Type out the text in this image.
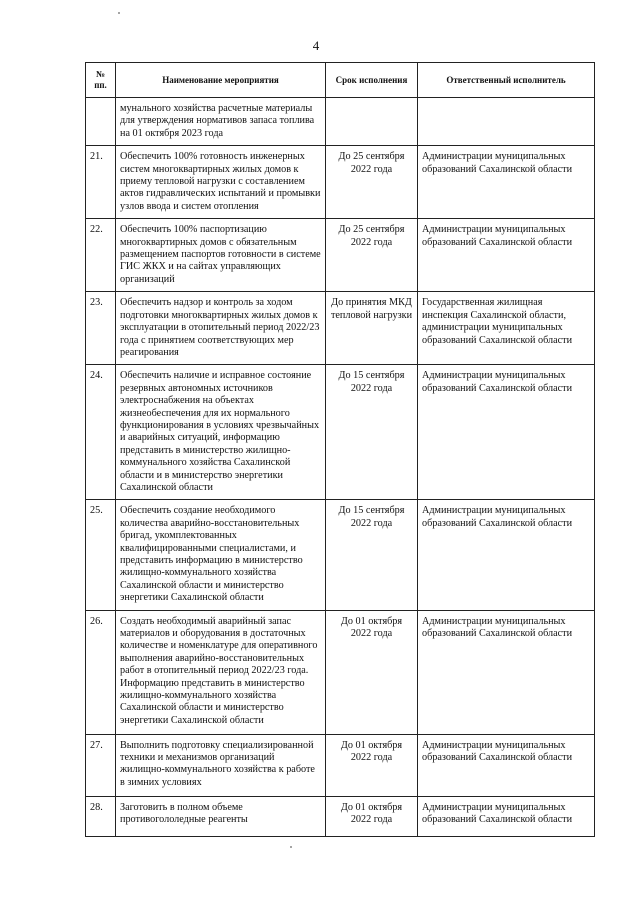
4
№
пп.	Наименование мероприятия	Срок исполнения	Ответственный исполнитель
	мунального хозяйства расчетные материалы для утверждения нормативов запаса топлива на 01 октября 2023 года		
21.	Обеспечить 100% готовность инженерных систем многоквартирных жилых домов к приему тепловой нагрузки с составлением актов гидравлических испытаний и промывки узлов ввода и систем отопления	До 25 сентября 2022 года	Администрации муниципальных образований Сахалинской области
22.	Обеспечить 100% паспортизацию многоквартирных домов с обязательным размещением паспортов готовности в системе ГИС ЖКХ и на сайтах управляющих организаций	До 25 сентября 2022 года	Администрации муниципальных образований Сахалинской области
23.	Обеспечить надзор и контроль за ходом подготовки многоквартирных жилых домов к эксплуатации в отопительный период 2022/23 года с принятием соответствующих мер реагирования	До принятия МКД тепловой нагрузки	Государственная жилищная инспекция Сахалинской области, администрации муниципальных образований Сахалинской области
24.	Обеспечить наличие и исправное состояние резервных автономных источников электроснабжения на объектах жизнеобеспечения для их нормального функционирования в условиях чрезвычайных и аварийных ситуаций, информацию представить в министерство жилищно-коммунального хозяйства Сахалинской области и в министерство энергетики Сахалинской области	До 15 сентября 2022 года	Администрации муниципальных образований Сахалинской области
25.	Обеспечить создание необходимого количества аварийно-восстановительных бригад, укомплектованных квалифицированными специалистами, и представить информацию в министерство жилищно-коммунального хозяйства Сахалинской области и министерство энергетики Сахалинской области	До 15 сентября 2022 года	Администрации муниципальных образований Сахалинской области
26.	Создать необходимый аварийный запас материалов и оборудования в достаточных количестве и номенклатуре для оперативного выполнения аварийно-восстановительных работ в отопительный период 2022/23 года. Информацию представить в министерство жилищно-коммунального хозяйства Сахалинской области и министерство энергетики Сахалинской области	До 01 октября 2022 года	Администрации муниципальных образований Сахалинской области
27.	Выполнить подготовку специализированной техники и механизмов организаций жилищно-коммунального хозяйства к работе в зимних условиях	До 01 октября 2022 года	Администрации муниципальных образований Сахалинской области
28.	Заготовить в полном объеме противогололедные реагенты	До 01 октября 2022 года	Администрации муниципальных образований Сахалинской области
